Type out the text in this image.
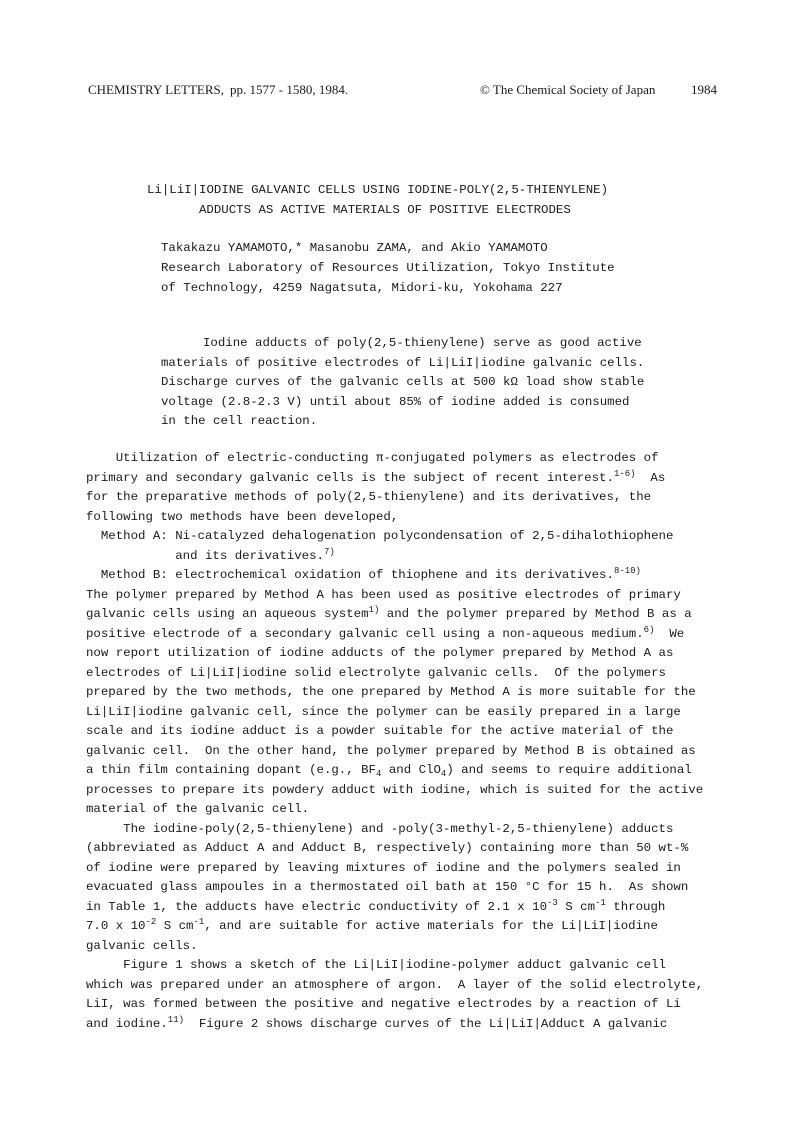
CHEMISTRY LETTERS, pp. 1577 - 1580, 1984.	© The Chemical Society of Japan	1984
Li|LiI|IODINE GALVANIC CELLS USING IODINE-POLY(2,5-THIENYLENE)
ADDUCTS AS ACTIVE MATERIALS OF POSITIVE ELECTRODES
Takakazu YAMAMOTO,* Masanobu ZAMA, and Akio YAMAMOTO
Research Laboratory of Resources Utilization, Tokyo Institute
of Technology, 4259 Nagatsuta, Midori-ku, Yokohama 227
Iodine adducts of poly(2,5-thienylene) serve as good active
materials of positive electrodes of Li|LiI|iodine galvanic cells.
Discharge curves of the galvanic cells at 500 kΩ load show stable
voltage (2.8-2.3 V) until about 85% of iodine added is consumed
in the cell reaction.
Utilization of electric-conducting π-conjugated polymers as electrodes of
primary and secondary galvanic cells is the subject of recent interest.$^{1-6)}$  As
for the preparative methods of poly(2,5-thienylene) and its derivatives, the
following two methods have been developed,
Method A: Ni-catalyzed dehalogenation polycondensation of 2,5-dihalothiophene
and its derivatives.$^{7)}$
Method B: electrochemical oxidation of thiophene and its derivatives.$^{8-10)}$
The polymer prepared by Method A has been used as positive electrodes of primary
galvanic cells using an aqueous system$^{1)}$ and the polymer prepared by Method B as a
positive electrode of a secondary galvanic cell using a non-aqueous medium.$^{6)}$  We
now report utilization of iodine adducts of the polymer prepared by Method A as
electrodes of Li|LiI|iodine solid electrolyte galvanic cells.  Of the polymers
prepared by the two methods, the one prepared by Method A is more suitable for the
Li|LiI|iodine galvanic cell, since the polymer can be easily prepared in a large
scale and its iodine adduct is a powder suitable for the active material of the
galvanic cell.  On the other hand, the polymer prepared by Method B is obtained as
a thin film containing dopant (e.g., $BF_4$ and ClO$_4$) and seems to require additional
processes to prepare its powdery adduct with iodine, which is suited for the active
material of the galvanic cell.
The iodine-poly(2,5-thienylene) and -poly(3-methyl-2,5-thienylene) adducts
(abbreviated as Adduct A and Adduct B, respectively) containing more than 50 wt-%
of iodine were prepared by leaving mixtures of iodine and the polymers sealed in
evacuated glass ampoules in a thermostated oil bath at 150 °C for 15 h.  As shown
in Table 1, the adducts have electric conductivity of 2.1 x $10^{-3}$ S $cm^{-1}$ through
7.0 x $10^{-2}$ S $cm^{-1}$, and are suitable for active materials for the Li|LiI|iodine
galvanic cells.
Figure 1 shows a sketch of the Li|LiI|iodine-polymer adduct galvanic cell
which was prepared under an atmosphere of argon.  A layer of the solid electrolyte,
LiI, was formed between the positive and negative electrodes by a reaction of Li
and iodine.$^{11)}$  Figure 2 shows discharge curves of the Li|LiI|Adduct A galvanic
